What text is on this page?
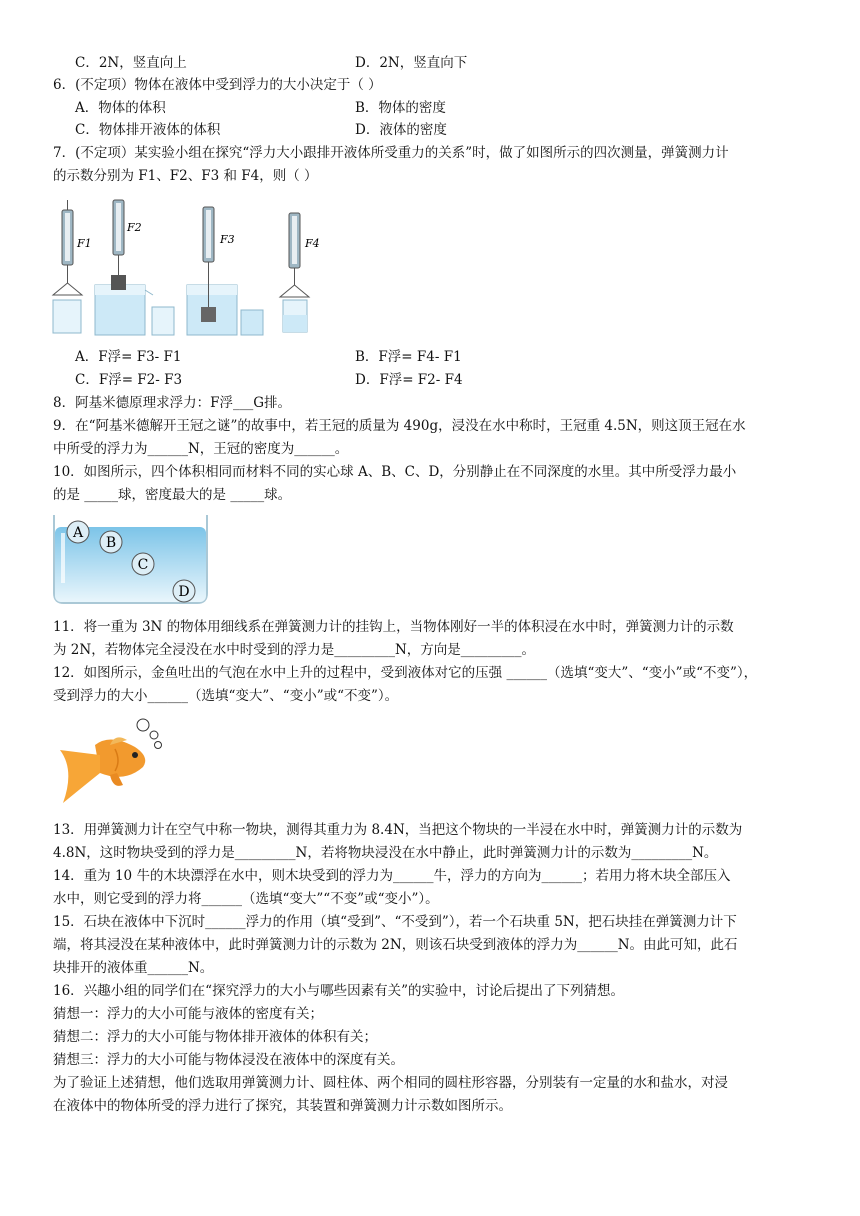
C．2N，竖直向上	D．2N，竖直向下
6．(不定项）物体在液体中受到浮力的大小决定于（ ）
A．物体的体积	B．物体的密度
C．物体排开液体的体积	D．液体的密度
7．(不定项）某实验小组在探究“浮力大小跟排开液体所受重力的关系”时，做了如图所示的四次测量，弹簧测力计
的示数分别为 F1、F2、F3 和 F4，则（ ）
F1
F2
F3	F4
A．F浮= F3- F1	B．F浮= F4- F1
C．F浮= F2- F3	D．F浮= F2- F4
8．阿基米德原理求浮力：F浮___G排。
9．在“阿基米德解开王冠之谜”的故事中，若王冠的质量为 490g，浸没在水中称时，王冠重 4.5N，则这顶王冠在水
中所受的浮力为______N，王冠的密度为______。
10．如图所示，四个体积相同而材料不同的实心球 A、B、C、D，分别静止在不同深度的水里。其中所受浮力最小
的是 _____球，密度最大的是 _____球。
A
B
C
D
11．将一重为 3N 的物体用细线系在弹簧测力计的挂钩上，当物体刚好一半的体积浸在水中时，弹簧测力计的示数
为 2N，若物体完全浸没在水中时受到的浮力是_________N，方向是_________。
12．如图所示，金鱼吐出的气泡在水中上升的过程中，受到液体对它的压强 ______（选填“变大”、“变小”或“不变”），
受到浮力的大小______（选填“变大”、“变小”或“不变”）。
13．用弹簧测力计在空气中称一物块，测得其重力为 8.4N，当把这个物块的一半浸在水中时，弹簧测力计的示数为
4.8N，这时物块受到的浮力是_________N，若将物块浸没在水中静止，此时弹簧测力计的示数为_________N。
14．重为 10 牛的木块漂浮在水中，则木块受到的浮力为______牛，浮力的方向为______；若用力将木块全部压入
水中，则它受到的浮力将______（选填“变大”“不变”或“变小”）。
15．石块在液体中下沉时______浮力的作用（填“受到”、“不受到”），若一个石块重 5N，把石块挂在弹簧测力计下
端，将其浸没在某种液体中，此时弹簧测力计的示数为 2N，则该石块受到液体的浮力为______N。由此可知，此石
块排开的液体重______N。
16．兴趣小组的同学们在“探究浮力的大小与哪些因素有关”的实验中，讨论后提出了下列猜想。
猜想一：浮力的大小可能与液体的密度有关；
猜想二：浮力的大小可能与物体排开液体的体积有关；
猜想三：浮力的大小可能与物体浸没在液体中的深度有关。
为了验证上述猜想，他们选取用弹簧测力计、圆柱体、两个相同的圆柱形容器，分别装有一定量的水和盐水，对浸
在液体中的物体所受的浮力进行了探究，其装置和弹簧测力计示数如图所示。
